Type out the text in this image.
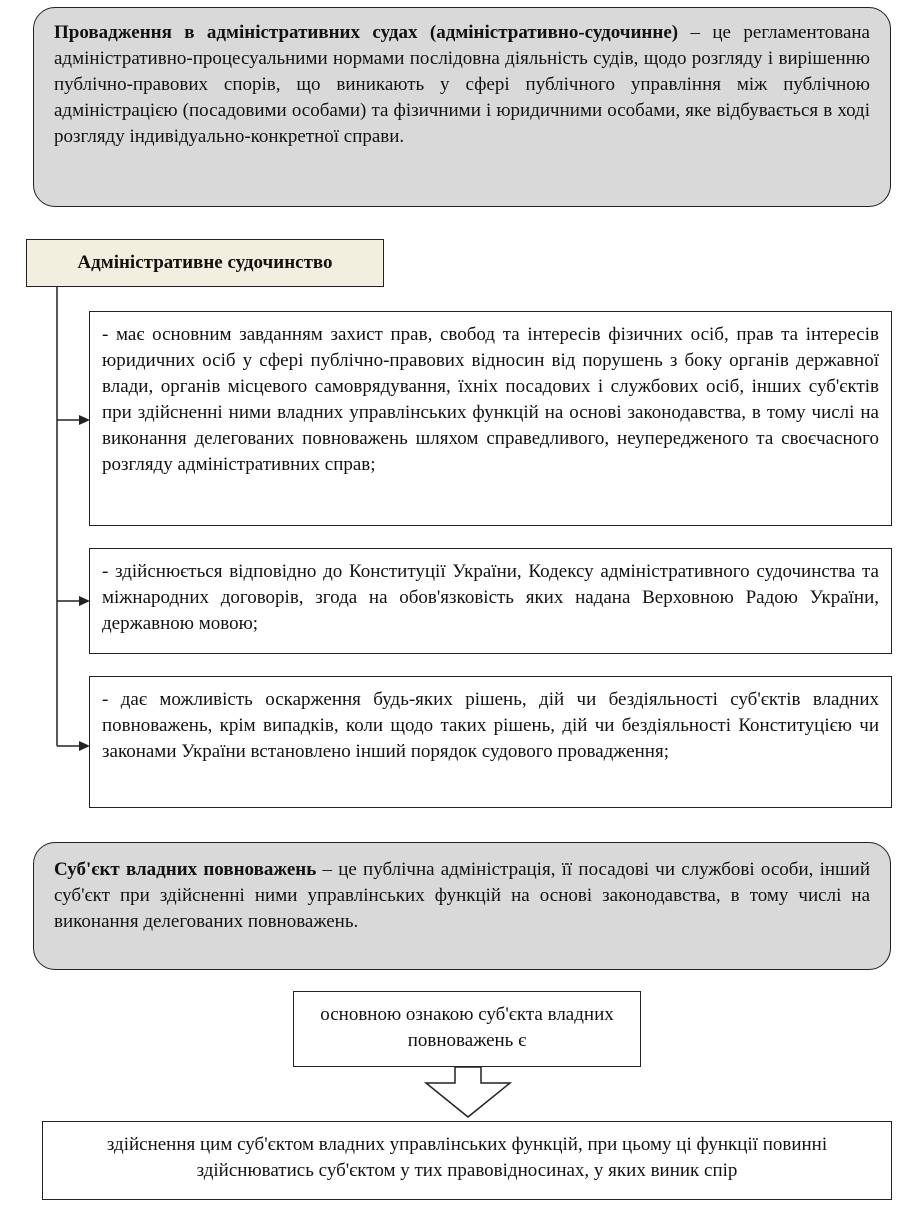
Провадження в адміністративних судах (адміністративно-судочинне) – це регламентована адміністративно-процесуальними нормами послідовна діяльність судів, щодо розгляду і вирішенню публічно-правових спорів, що виникають у сфері публічного управління між публічною адміністрацією (посадовими особами) та фізичними і юридичними особами, яке відбувається в ході розгляду індивідуально-конкретної справи.
Адміністративне судочинство
- має основним завданням захист прав, свобод та інтересів фізичних осіб, прав та інтересів юридичних осіб у сфері публічно-правових відносин від порушень з боку органів державної влади, органів місцевого самоврядування, їхніх посадових і службових осіб, інших суб'єктів при здійсненні ними владних управлінських функцій на основі законодавства, в тому числі на виконання делегованих повноважень шляхом справедливого, неупередженого та своєчасного розгляду адміністративних справ;
- здійснюється відповідно до Конституції України, Кодексу адміністративного судочинства та міжнародних договорів, згода на обов'язковість яких надана Верховною Радою України, державною мовою;
- дає можливість оскарження будь-яких рішень, дій чи бездіяльності суб'єктів владних повноважень, крім випадків, коли щодо таких рішень, дій чи бездіяльності Конституцією чи законами України встановлено інший порядок судового провадження;
Суб'єкт владних повноважень – це публічна адміністрація, її посадові чи службові особи, інший суб'єкт при здійсненні ними управлінських функцій на основі законодавства, в тому числі на виконання делегованих повноважень.
основною ознакою суб'єкта владних повноважень є
здійснення цим суб'єктом владних управлінських функцій, при цьому ці функції повинні здійснюватись суб'єктом у тих правовідносинах, у яких виник спір
